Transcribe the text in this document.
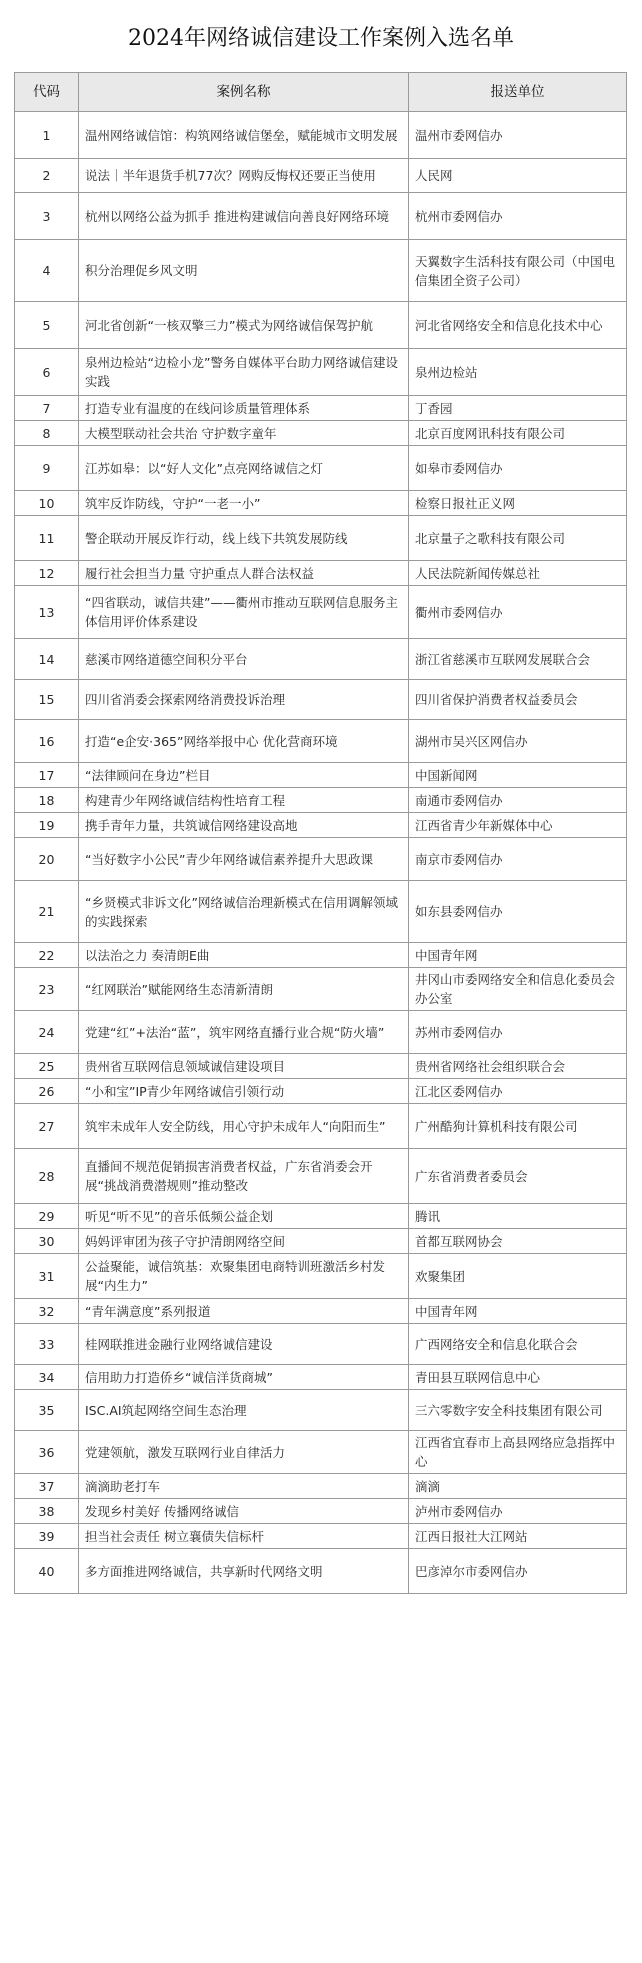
2024年网络诚信建设工作案例入选名单
代码	案例名称	报送单位
1	温州网络诚信馆：构筑网络诚信堡垒，赋能城市文明发展	温州市委网信办
2	说法｜半年退货手机77次？网购反悔权还要正当使用	人民网
3	杭州以网络公益为抓手 推进构建诚信向善良好网络环境	杭州市委网信办
4	积分治理促乡风文明	天翼数字生活科技有限公司（中国电信集团全资子公司）
5	河北省创新“一核双擎三力”模式为网络诚信保驾护航	河北省网络安全和信息化技术中心
6	泉州边检站“边检小龙”警务自媒体平台助力网络诚信建设实践	泉州边检站
7	打造专业有温度的在线问诊质量管理体系	丁香园
8	大模型联动社会共治 守护数字童年	北京百度网讯科技有限公司
9	江苏如皋：以“好人文化”点亮网络诚信之灯	如皋市委网信办
10	筑牢反诈防线，守护“一老一小”	检察日报社正义网
11	警企联动开展反诈行动，线上线下共筑发展防线	北京量子之歌科技有限公司
12	履行社会担当力量 守护重点人群合法权益	人民法院新闻传媒总社
13	“四省联动，诚信共建”——衢州市推动互联网信息服务主体信用评价体系建设	衢州市委网信办
14	慈溪市网络道德空间积分平台	浙江省慈溪市互联网发展联合会
15	四川省消委会探索网络消费投诉治理	四川省保护消费者权益委员会
16	打造“e企安·365”网络举报中心 优化营商环境	湖州市吴兴区网信办
17	“法律顾问在身边”栏目	中国新闻网
18	构建青少年网络诚信结构性培育工程	南通市委网信办
19	携手青年力量，共筑诚信网络建设高地	江西省青少年新媒体中心
20	“当好数字小公民”青少年网络诚信素养提升大思政课	南京市委网信办
21	“乡贤模式非诉文化”网络诚信治理新模式在信用调解领域的实践探索	如东县委网信办
22	以法治之力 奏清朗E曲	中国青年网
23	“红网联治”赋能网络生态清新清朗	井冈山市委网络安全和信息化委员会办公室
24	党建“红”+法治“蓝”，筑牢网络直播行业合规“防火墙”	苏州市委网信办
25	贵州省互联网信息领域诚信建设项目	贵州省网络社会组织联合会
26	“小和宝”IP青少年网络诚信引领行动	江北区委网信办
27	筑牢未成年人安全防线，用心守护未成年人“向阳而生”	广州酷狗计算机科技有限公司
28	直播间不规范促销损害消费者权益，广东省消委会开展“挑战消费潜规则”推动整改	广东省消费者委员会
29	听见“听不见”的音乐低频公益企划	腾讯
30	妈妈评审团为孩子守护清朗网络空间	首都互联网协会
31	公益聚能，诚信筑基：欢聚集团电商特训班激活乡村发展“内生力”	欢聚集团
32	“青年满意度”系列报道	中国青年网
33	桂网联推进金融行业网络诚信建设	广西网络安全和信息化联合会
34	信用助力打造侨乡“诚信洋货商城”	青田县互联网信息中心
35	ISC.AI筑起网络空间生态治理	三六零数字安全科技集团有限公司
36	党建领航，激发互联网行业自律活力	江西省宜春市上高县网络应急指挥中心
37	滴滴助老打车	滴滴
38	发现乡村美好 传播网络诚信	泸州市委网信办
39	担当社会责任 树立襄债失信标杆	江西日报社大江网站
40	多方面推进网络诚信，共享新时代网络文明	巴彦淖尔市委网信办
